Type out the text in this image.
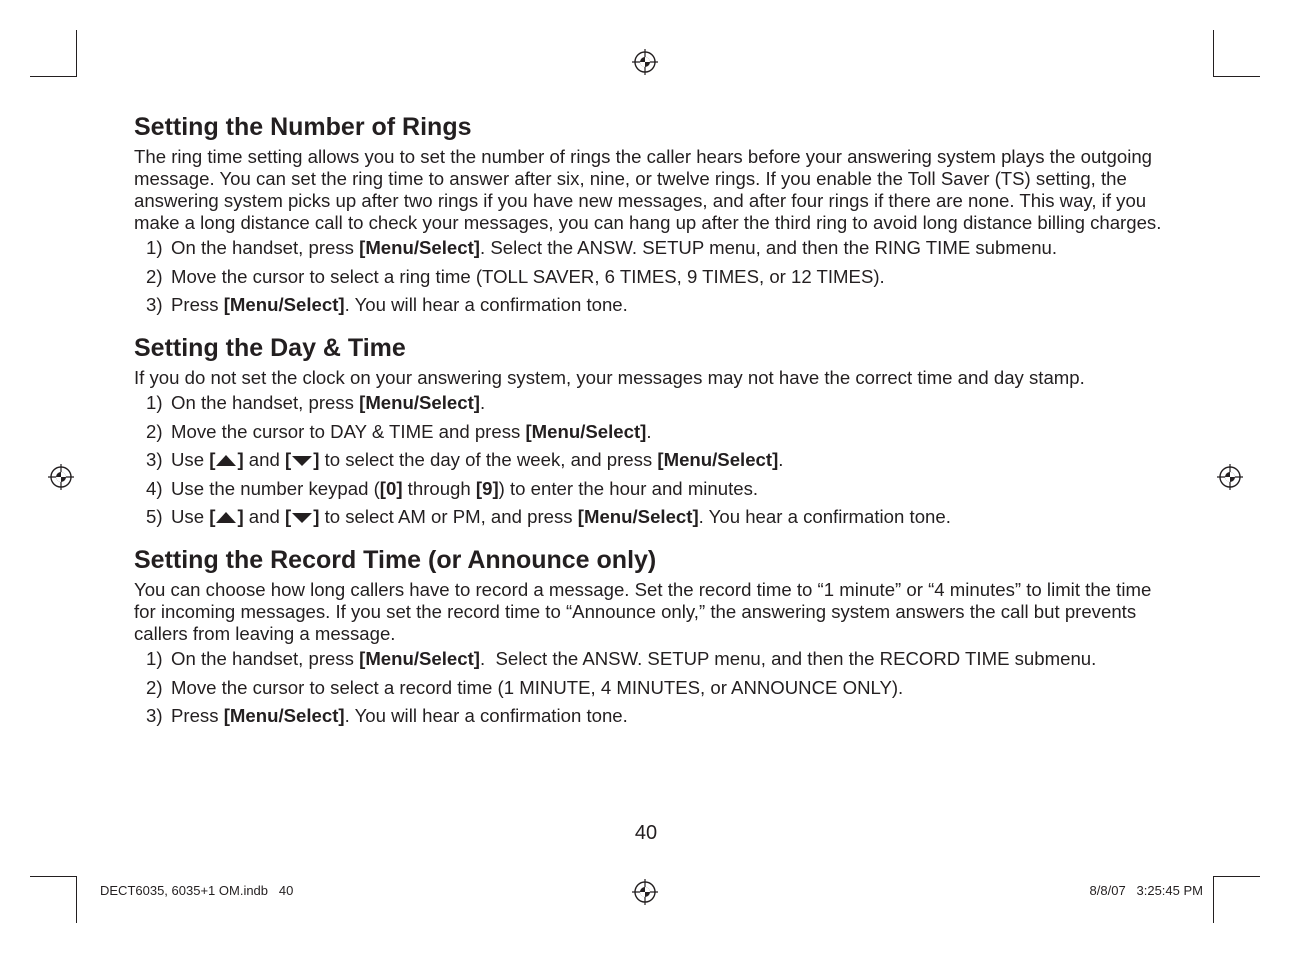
Setting the Number of Rings

The ring time setting allows you to set the number of rings the caller hears before your answering system plays the outgoing message. You can set the ring time to answer after six, nine, or twelve rings. If you enable the Toll Saver (TS) setting, the answering system picks up after two rings if you have new messages, and after four rings if there are none. This way, if you make a long distance call to check your messages, you can hang up after the third ring to avoid long distance billing charges.

1) On the handset, press [Menu/Select]. Select the ANSW. SETUP menu, and then the RING TIME submenu.
2) Move the cursor to select a ring time (TOLL SAVER, 6 TIMES, 9 TIMES, or 12 TIMES).
3) Press [Menu/Select]. You will hear a confirmation tone.
Setting the Day & Time

If you do not set the clock on your answering system, your messages may not have the correct time and day stamp.

1) On the handset, press [Menu/Select].
2) Move the cursor to DAY & TIME and press [Menu/Select].
3) Use [ ] and [ ] to select the day of the week, and press [Menu/Select].
4) Use the number keypad ([0] through [9]) to enter the hour and minutes.
5) Use [ ] and [ ] to select AM or PM, and press [Menu/Select]. You hear a confirmation tone.
Setting the Record Time (or Announce only)

You can choose how long callers have to record a message. Set the record time to “1 minute” or “4 minutes” to limit the time for incoming messages. If you set the record time to “Announce only,” the answering system answers the call but prevents callers from leaving a message.

1) On the handset, press [Menu/Select].  Select the ANSW. SETUP menu, and then the RECORD TIME submenu.
2) Move the cursor to select a record time (1 MINUTE, 4 MINUTES, or ANNOUNCE ONLY).
3) Press [Menu/Select]. You will hear a confirmation tone.
40
DECT6035, 6035+1 OM.indb   40	8/8/07   3:25:45 PM
